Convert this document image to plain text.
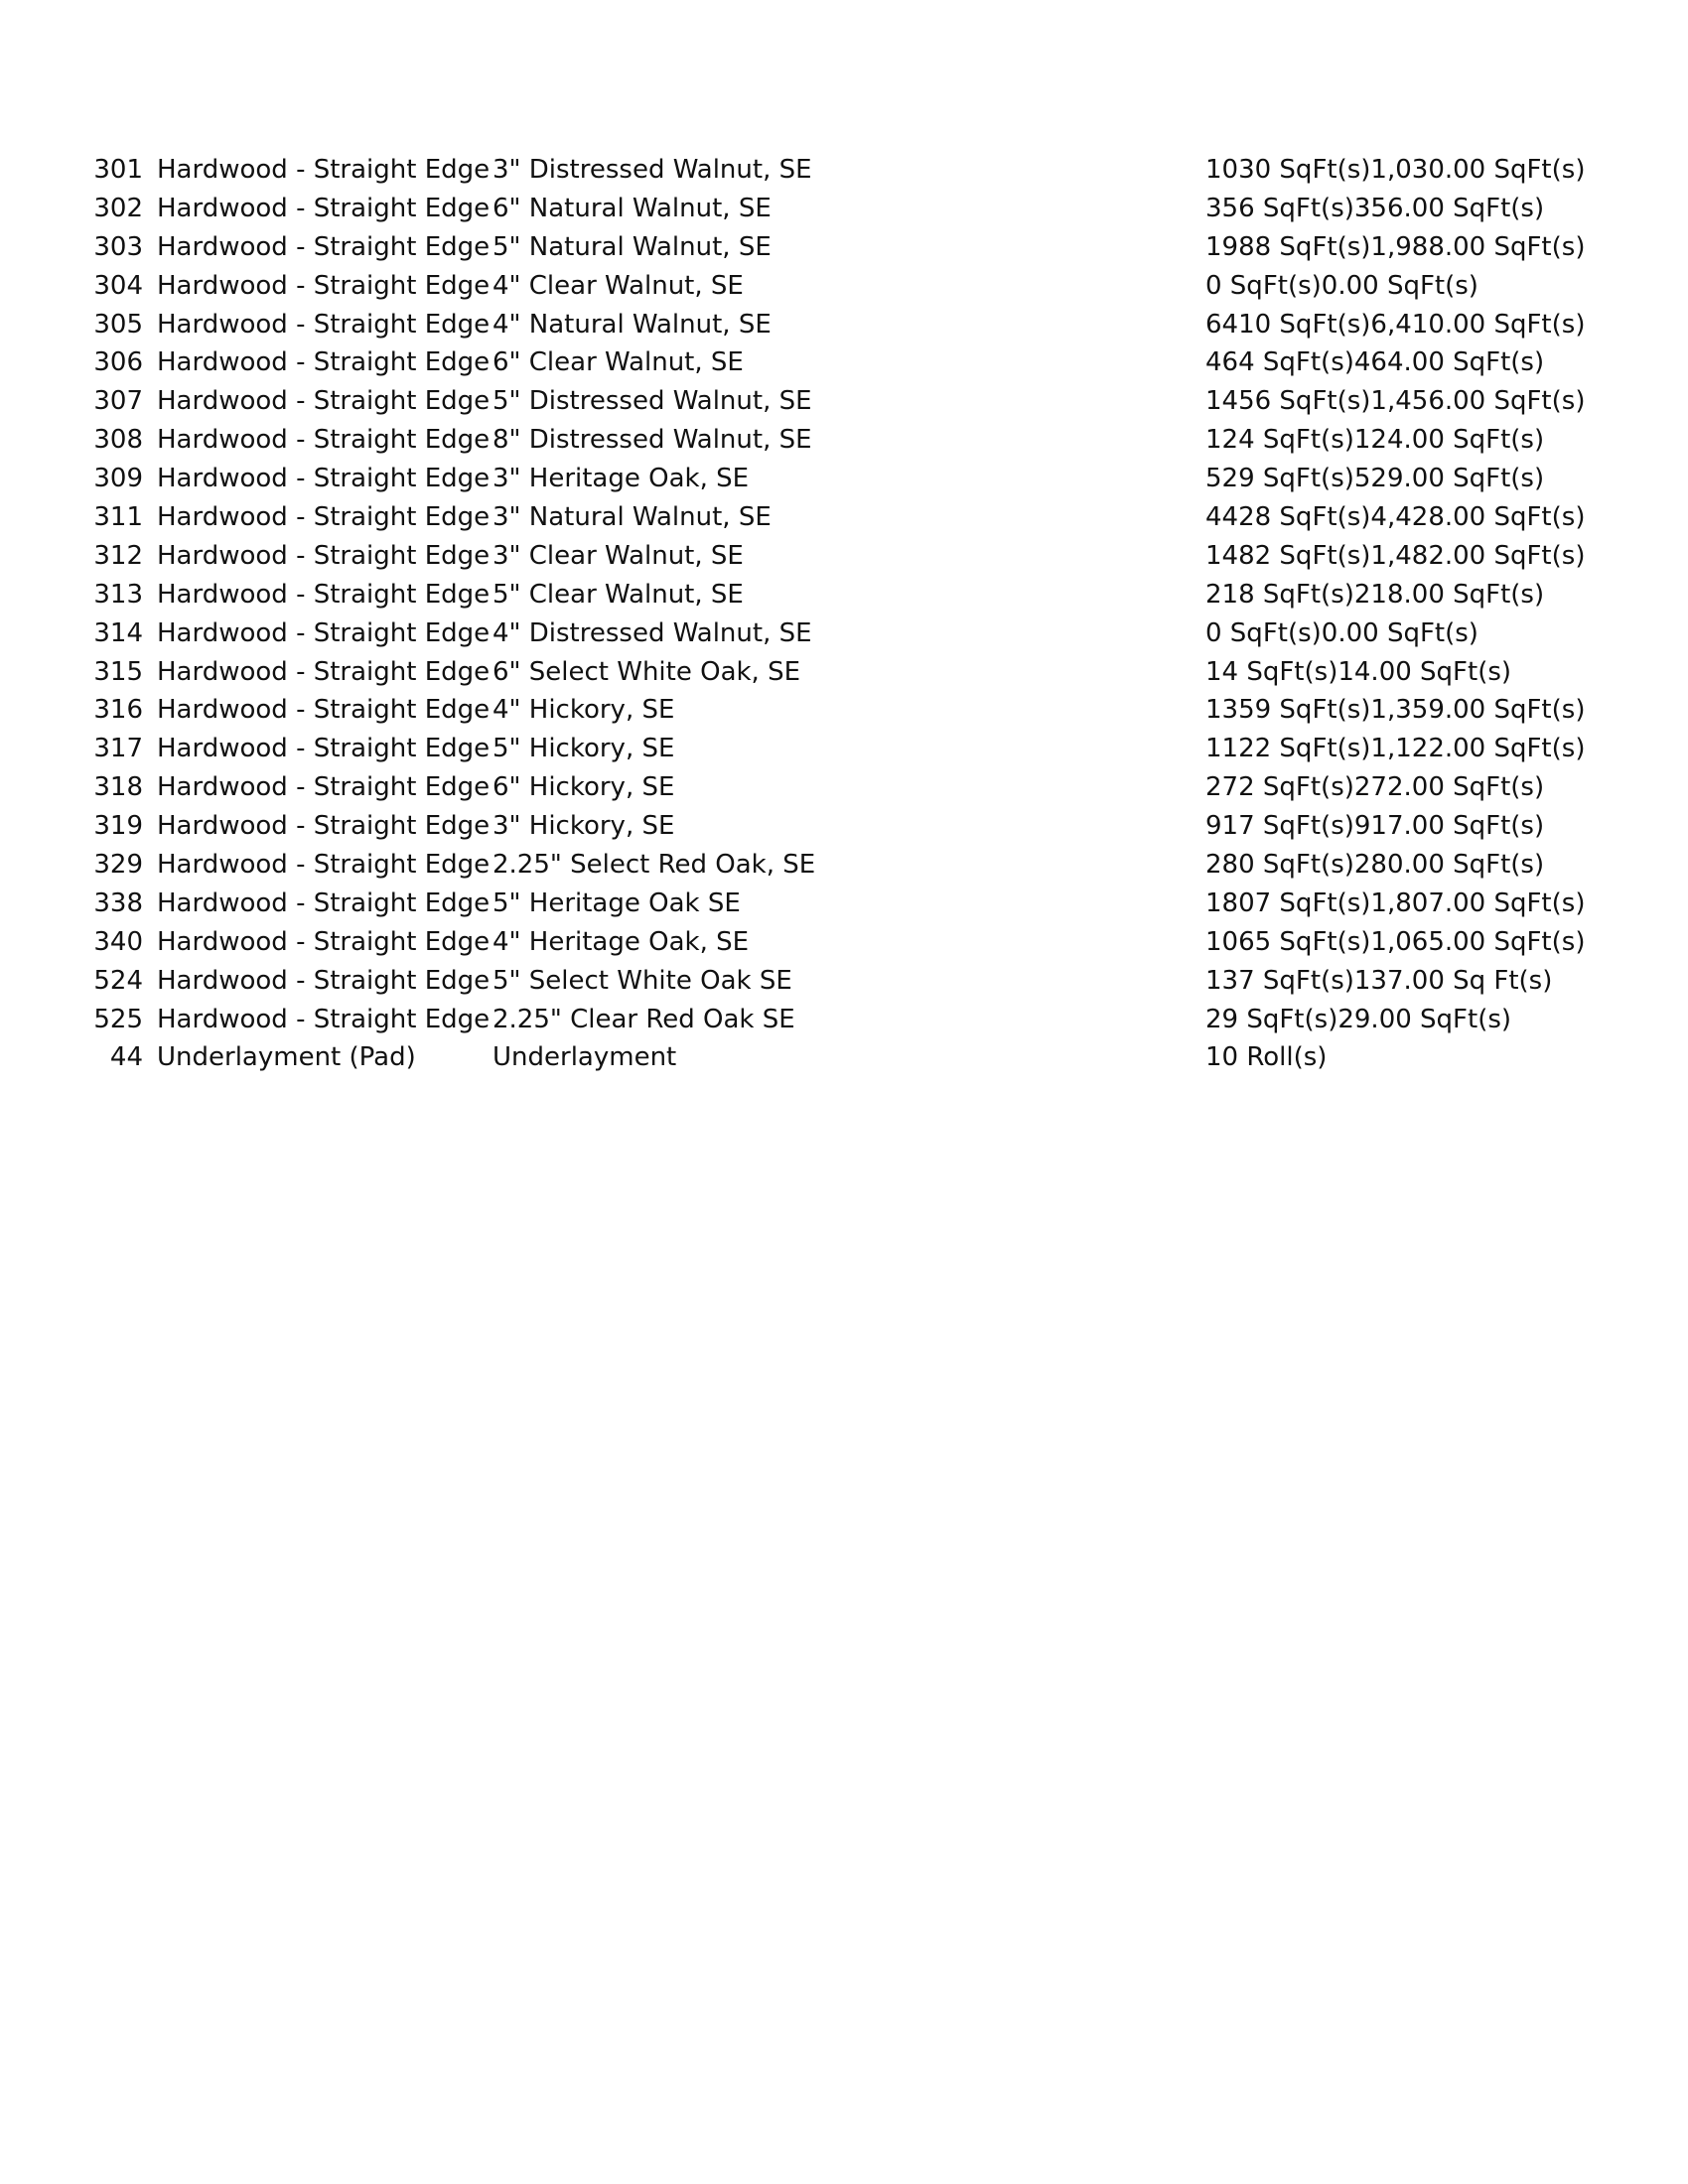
301 Hardwood - Straight Edge 3" Distressed Walnut, SE	1030 SqFt(s)1,030.00 SqFt(s)
302 Hardwood - Straight Edge 6" Natural Walnut, SE	356 SqFt(s)356.00 SqFt(s)
303 Hardwood - Straight Edge 5" Natural Walnut, SE	1988 SqFt(s)1,988.00 SqFt(s)
304 Hardwood - Straight Edge 4" Clear Walnut, SE	0 SqFt(s)0.00 SqFt(s)
305 Hardwood - Straight Edge 4" Natural Walnut, SE	6410 SqFt(s)6,410.00 SqFt(s)
306 Hardwood - Straight Edge 6" Clear Walnut, SE	464 SqFt(s)464.00 SqFt(s)
307 Hardwood - Straight Edge 5" Distressed Walnut, SE	1456 SqFt(s)1,456.00 SqFt(s)
308 Hardwood - Straight Edge 8" Distressed Walnut, SE	124 SqFt(s)124.00 SqFt(s)
309 Hardwood - Straight Edge 3" Heritage Oak, SE	529 SqFt(s)529.00 SqFt(s)
311 Hardwood - Straight Edge 3" Natural Walnut, SE	4428 SqFt(s)4,428.00 SqFt(s)
312 Hardwood - Straight Edge 3" Clear Walnut, SE	1482 SqFt(s)1,482.00 SqFt(s)
313 Hardwood - Straight Edge 5" Clear Walnut, SE	218 SqFt(s)218.00 SqFt(s)
314 Hardwood - Straight Edge 4" Distressed Walnut, SE	0 SqFt(s)0.00 SqFt(s)
315 Hardwood - Straight Edge 6" Select White Oak, SE	14 SqFt(s)14.00 SqFt(s)
316 Hardwood - Straight Edge 4" Hickory, SE	1359 SqFt(s)1,359.00 SqFt(s)
317 Hardwood - Straight Edge 5" Hickory, SE	1122 SqFt(s)1,122.00 SqFt(s)
318 Hardwood - Straight Edge 6" Hickory, SE	272 SqFt(s)272.00 SqFt(s)
319 Hardwood - Straight Edge 3" Hickory, SE	917 SqFt(s)917.00 SqFt(s)
329 Hardwood - Straight Edge 2.25" Select Red Oak, SE	280 SqFt(s)280.00 SqFt(s)
338 Hardwood - Straight Edge 5" Heritage Oak SE	1807 SqFt(s)1,807.00 SqFt(s)
340 Hardwood - Straight Edge 4" Heritage Oak, SE	1065 SqFt(s)1,065.00 SqFt(s)
524 Hardwood - Straight Edge 5" Select White Oak SE	137 SqFt(s)137.00 Sq Ft(s)
525 Hardwood - Straight Edge 2.25" Clear Red Oak SE	29 SqFt(s)29.00 SqFt(s)
44 Underlayment (Pad)	Underlayment	10 Roll(s)
